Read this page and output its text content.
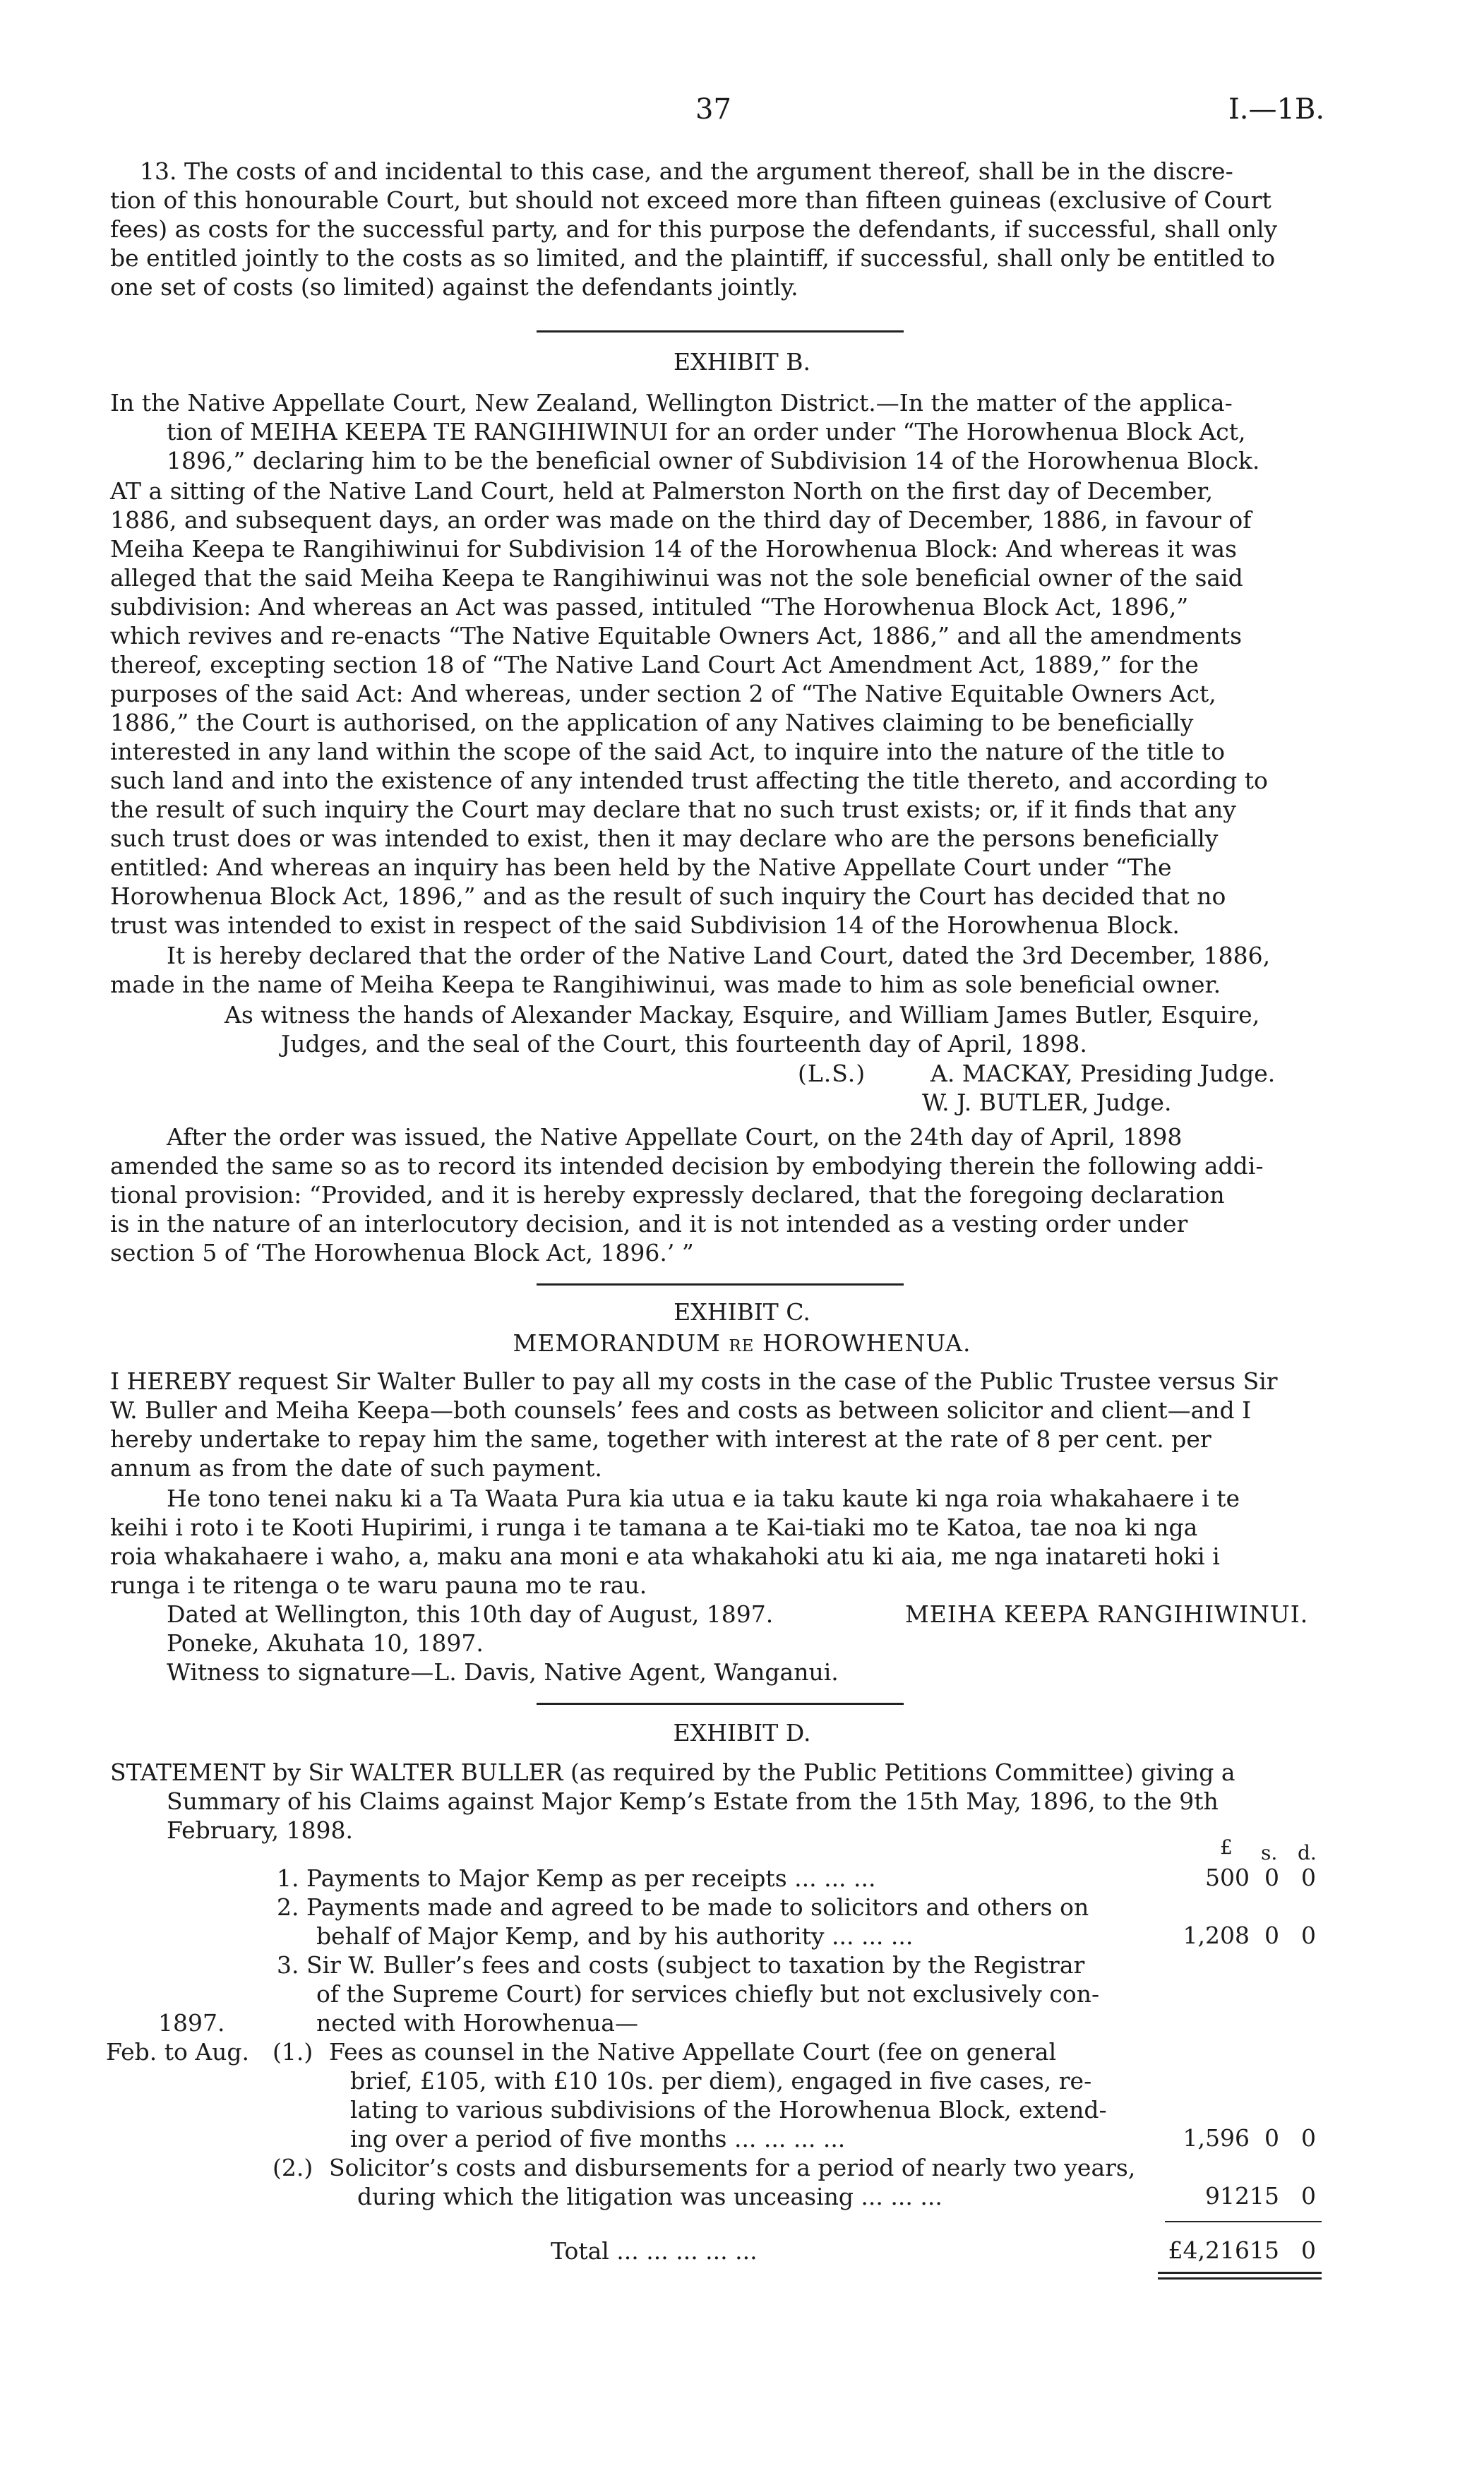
37	I.—1B.
13. The costs of and incidental to this case, and the argument thereof, shall be in the discre-
tion of this honourable Court, but should not exceed more than fifteen guineas (exclusive of Court
fees) as costs for the successful party, and for this purpose the defendants, if successful, shall only
be entitled jointly to the costs as so limited, and the plaintiff, if successful, shall only be entitled to
one set of costs (so limited) against the defendants jointly.
EXHIBIT B.
In the Native Appellate Court, New Zealand, Wellington District.—In the matter of the applica-
tion of MEIHA KEEPA TE RANGIHIWINUI for an order under “The Horowhenua Block Act,
1896,” declaring him to be the beneficial owner of Subdivision 14 of the Horowhenua Block.
AT a sitting of the Native Land Court, held at Palmerston North on the first day of December,
1886, and subsequent days, an order was made on the third day of December, 1886, in favour of
Meiha Keepa te Rangihiwinui for Subdivision 14 of the Horowhenua Block: And whereas it was
alleged that the said Meiha Keepa te Rangihiwinui was not the sole beneficial owner of the said
subdivision: And whereas an Act was passed, intituled “The Horowhenua Block Act, 1896,”
which revives and re-enacts “The Native Equitable Owners Act, 1886,” and all the amendments
thereof, excepting section 18 of “The Native Land Court Act Amendment Act, 1889,” for the
purposes of the said Act: And whereas, under section 2 of “The Native Equitable Owners Act,
1886,” the Court is authorised, on the application of any Natives claiming to be beneficially
interested in any land within the scope of the said Act, to inquire into the nature of the title to
such land and into the existence of any intended trust affecting the title thereto, and according to
the result of such inquiry the Court may declare that no such trust exists; or, if it finds that any
such trust does or was intended to exist, then it may declare who are the persons beneficially
entitled: And whereas an inquiry has been held by the Native Appellate Court under “The
Horowhenua Block Act, 1896,” and as the result of such inquiry the Court has decided that no
trust was intended to exist in respect of the said Subdivision 14 of the Horowhenua Block.
It is hereby declared that the order of the Native Land Court, dated the 3rd December, 1886,
made in the name of Meiha Keepa te Rangihiwinui, was made to him as sole beneficial owner.
As witness the hands of Alexander Mackay, Esquire, and William James Butler, Esquire,
Judges, and the seal of the Court, this fourteenth day of April, 1898.
(L.S.)	A. MACKAY, Presiding Judge.
W. J. BUTLER, Judge.
After the order was issued, the Native Appellate Court, on the 24th day of April, 1898
amended the same so as to record its intended decision by embodying therein the following addi-
tional provision: “Provided, and it is hereby expressly declared, that the foregoing declaration
is in the nature of an interlocutory decision, and it is not intended as a vesting order under
section 5 of ‘The Horowhenua Block Act, 1896.’ ”
EXHIBIT C.
MEMORANDUM re HOROWHENUA.
I HEREBY request Sir Walter Buller to pay all my costs in the case of the Public Trustee versus Sir
W. Buller and Meiha Keepa—both counsels’ fees and costs as between solicitor and client—and I
hereby undertake to repay him the same, together with interest at the rate of 8 per cent. per
annum as from the date of such payment.
He tono tenei naku ki a Ta Waata Pura kia utua e ia taku kaute ki nga roia whakahaere i te
keihi i roto i te Kooti Hupirimi, i runga i te tamana a te Kai-tiaki mo te Katoa, tae noa ki nga
roia whakahaere i waho, a, maku ana moni e ata whakahoki atu ki aia, me nga inatareti hoki i
runga i te ritenga o te waru pauna mo te rau.
Dated at Wellington, this 10th day of August, 1897.	MEIHA KEEPA RANGIHIWINUI.
Poneke, Akuhata 10, 1897.
Witness to signature—L. Davis, Native Agent, Wanganui.
EXHIBIT D.
STATEMENT by Sir WALTER BULLER (as required by the Public Petitions Committee) giving a
Summary of his Claims against Major Kemp’s Estate from the 15th May, 1896, to the 9th
February, 1898.
£ s. d.
1. Payments to Major Kemp as per receipts ... ... ...	500 0 0
2. Payments made and agreed to be made to solicitors and others on
behalf of Major Kemp, and by his authority ... ... ...	1,208 0 0
3. Sir W. Buller’s fees and costs (subject to taxation by the Registrar
of the Supreme Court) for services chiefly but not exclusively con-
1897.	nected with Horowhenua—
Feb. to Aug. (1.) Fees as counsel in the Native Appellate Court (fee on general
brief, £105, with £10 10s. per diem), engaged in five cases, re-
lating to various subdivisions of the Horowhenua Block, extend-
ing over a period of five months ... ... ... ...	1,596 0 0
(2.) Solicitor’s costs and disbursements for a period of nearly two years,
during which the litigation was unceasing ... ... ...	912 15 0
Total ... ... ... ... ...	£4,216 15 0
